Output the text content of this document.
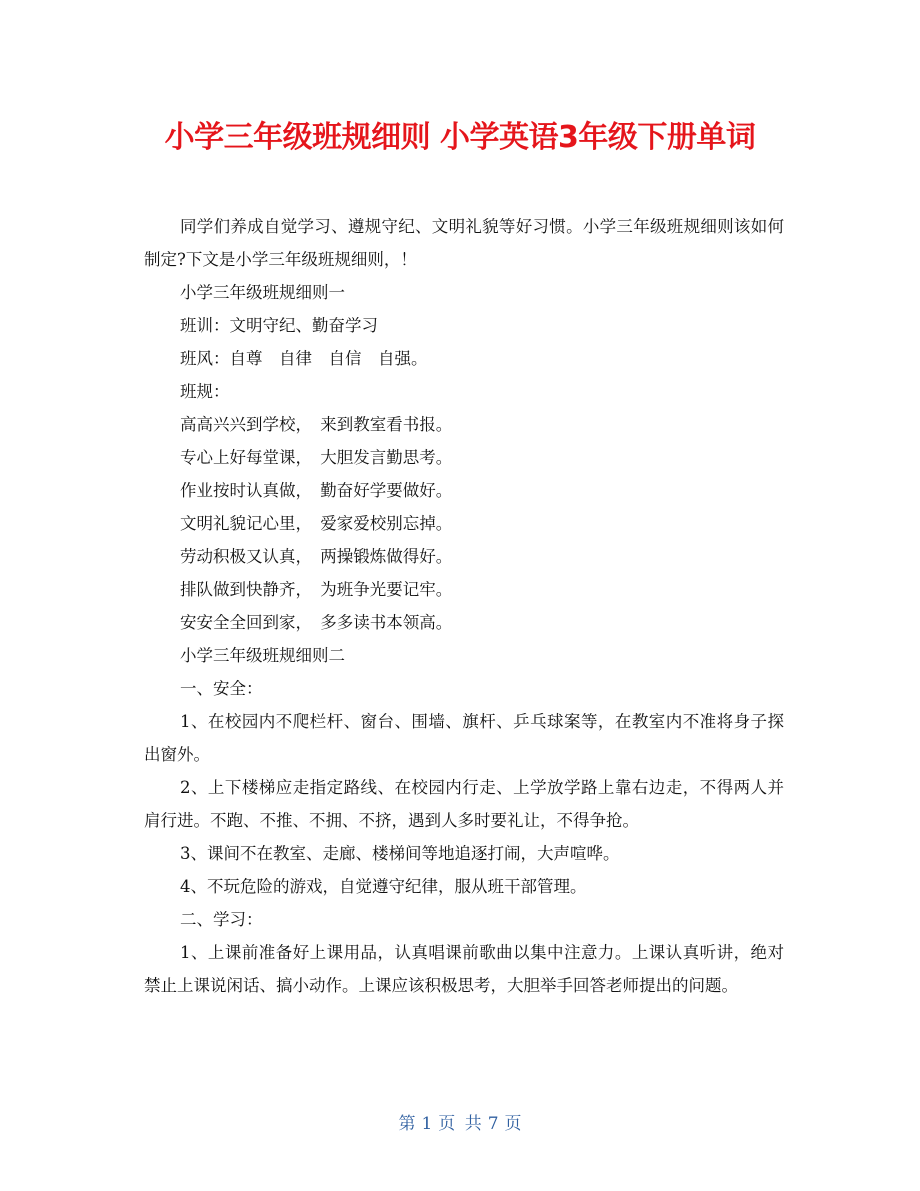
小学三年级班规细则 小学英语3年级下册单词

同学们养成自觉学习、遵规守纪、文明礼貌等好习惯。小学三年级班规细则该如何制定?下文是小学三年级班规细则，！

小学三年级班规细则一

班训：文明守纪、勤奋学习

班风：自尊　自律　自信　自强。

班规：

高高兴兴到学校，　来到教室看书报。

专心上好每堂课，　大胆发言勤思考。

作业按时认真做，　勤奋好学要做好。

文明礼貌记心里，　爱家爱校别忘掉。

劳动积极又认真，　两操锻炼做得好。

排队做到快静齐，　为班争光要记牢。

安安全全回到家，　多多读书本领高。

小学三年级班规细则二

一、安全：

1、在校园内不爬栏杆、窗台、围墙、旗杆、乒乓球案等，在教室内不准将身子探出窗外。

2、上下楼梯应走指定路线、在校园内行走、上学放学路上靠右边走，不得两人并肩行进。不跑、不推、不拥、不挤，遇到人多时要礼让，不得争抢。

3、课间不在教室、走廊、楼梯间等地追逐打闹，大声喧哗。

4、不玩危险的游戏，自觉遵守纪律，服从班干部管理。

二、学习：

1、上课前准备好上课用品，认真唱课前歌曲以集中注意力。上课认真听讲，绝对禁止上课说闲话、搞小动作。上课应该积极思考，大胆举手回答老师提出的问题。

第 1 页 共 7 页
